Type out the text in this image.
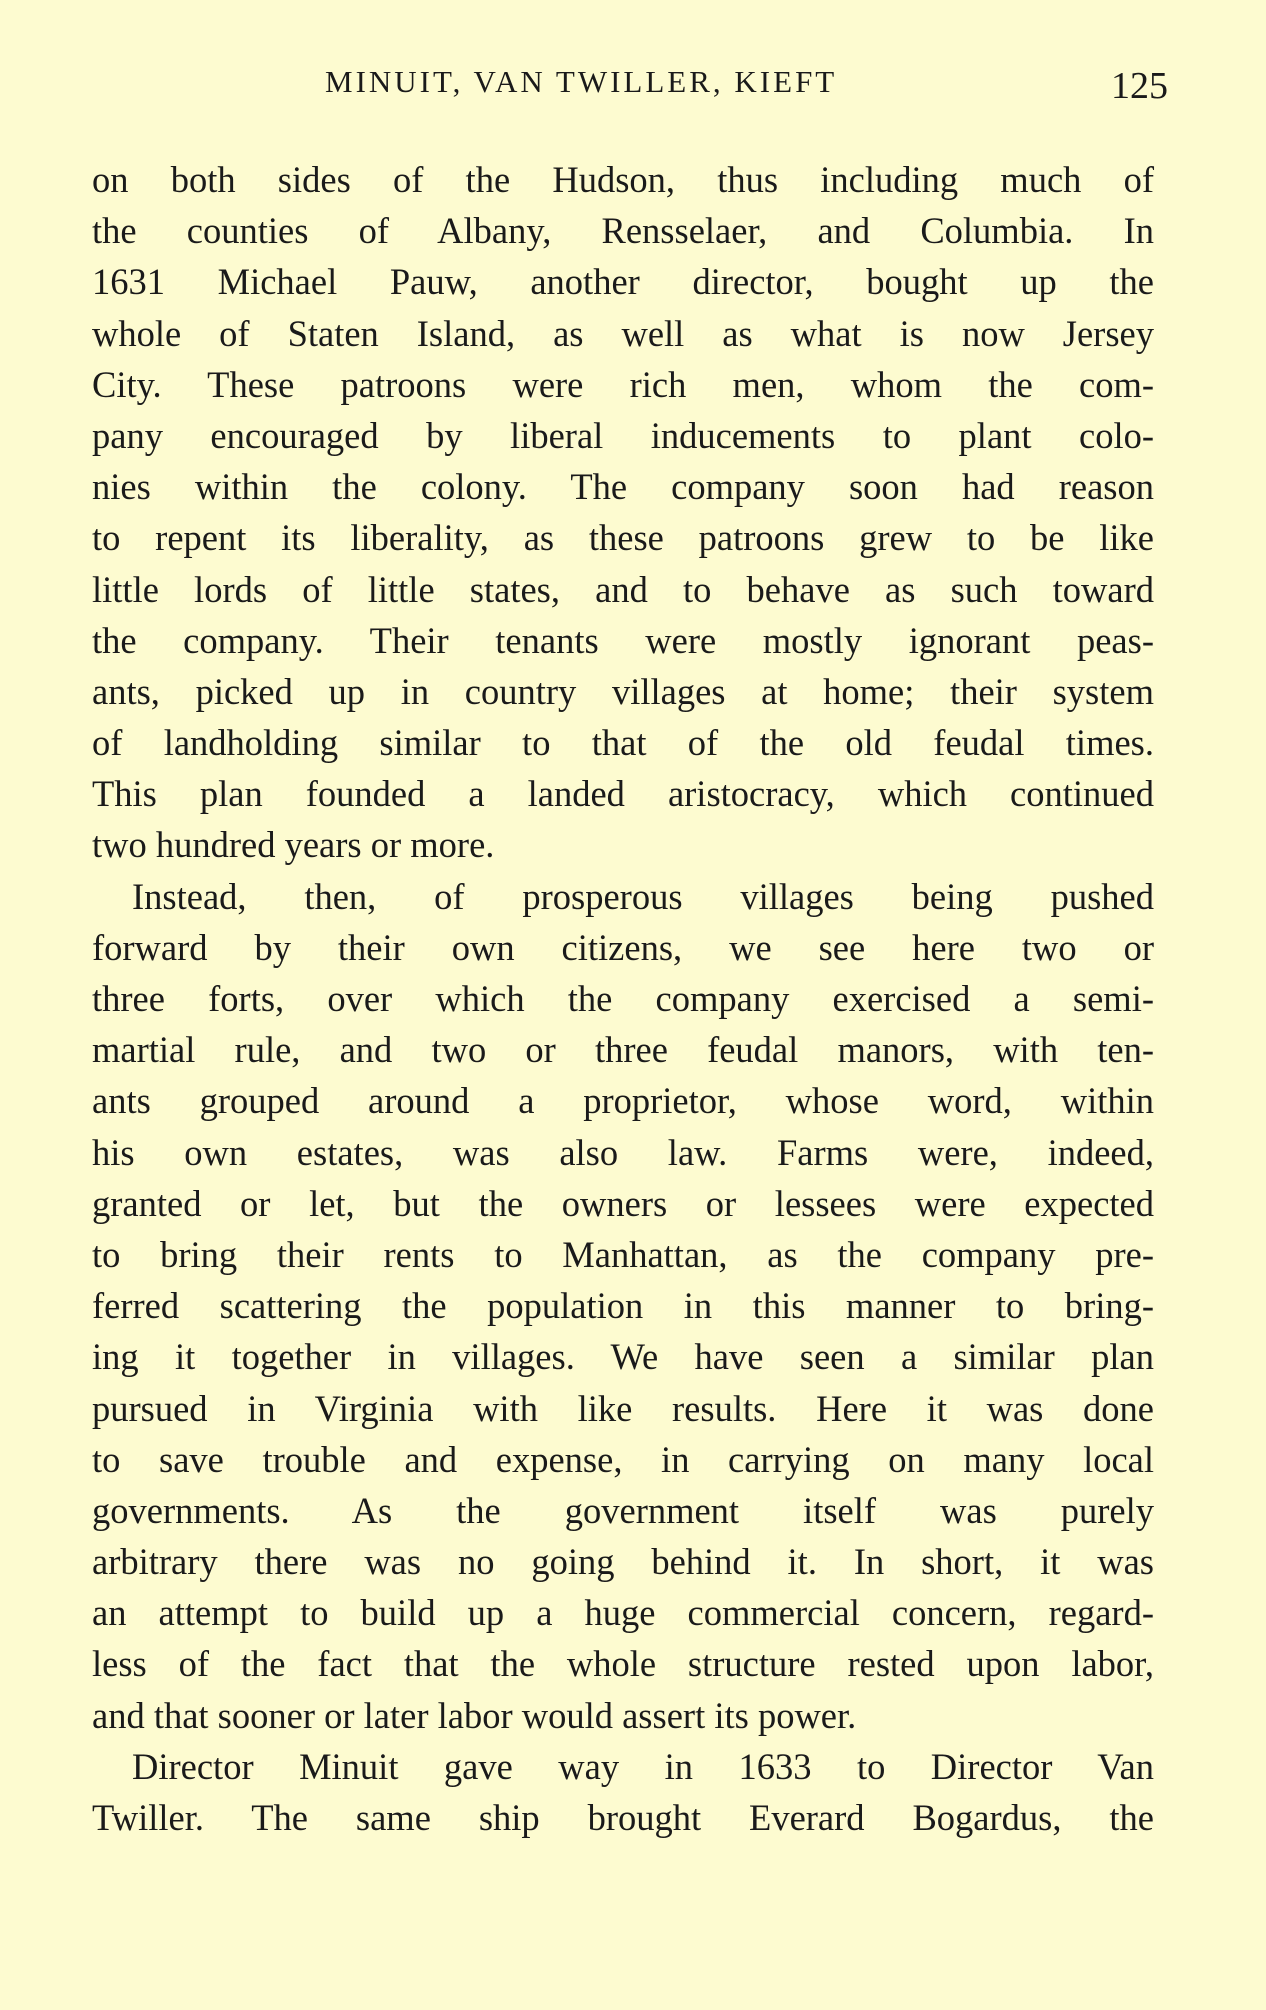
MINUIT, VAN TWILLER, KIEFT	125
on both sides of the Hudson, thus including much of
the counties of Albany, Rensselaer, and Columbia. In
1631 Michael Pauw, another director, bought up the
whole of Staten Island, as well as what is now Jersey
City. These patroons were rich men, whom the com-
pany encouraged by liberal inducements to plant colo-
nies within the colony. The company soon had reason
to repent its liberality, as these patroons grew to be like
little lords of little states, and to behave as such toward
the company. Their tenants were mostly ignorant peas-
ants, picked up in country villages at home; their system
of landholding similar to that of the old feudal times.
This plan founded a landed aristocracy, which continued
two hundred years or more.
Instead, then, of prosperous villages being pushed
forward by their own citizens, we see here two or
three forts, over which the company exercised a semi-
martial rule, and two or three feudal manors, with ten-
ants grouped around a proprietor, whose word, within
his own estates, was also law. Farms were, indeed,
granted or let, but the owners or lessees were expected
to bring their rents to Manhattan, as the company pre-
ferred scattering the population in this manner to bring-
ing it together in villages. We have seen a similar plan
pursued in Virginia with like results. Here it was done
to save trouble and expense, in carrying on many local
governments. As the government itself was purely
arbitrary there was no going behind it. In short, it was
an attempt to build up a huge commercial concern, regard-
less of the fact that the whole structure rested upon labor,
and that sooner or later labor would assert its power.
Director Minuit gave way in 1633 to Director Van
Twiller. The same ship brought Everard Bogardus, the
